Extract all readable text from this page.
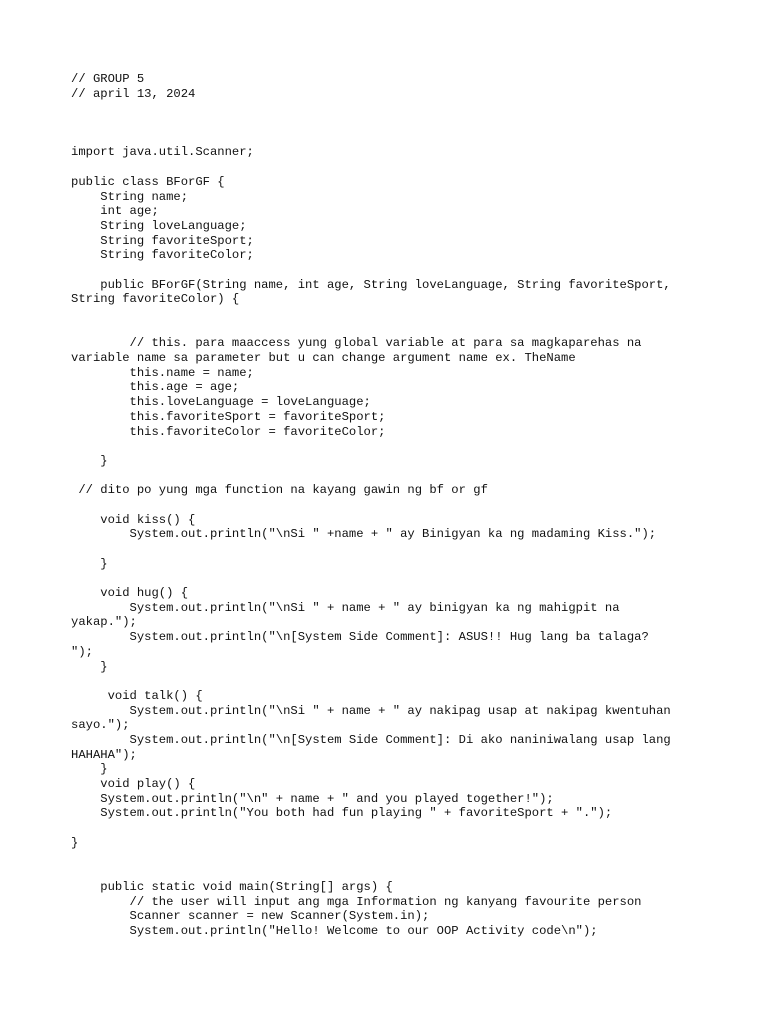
// GROUP 5
// april 13, 2024
import java.util.Scanner;
public class BForGF {
String name;
int age;
String loveLanguage;
String favoriteSport;
String favoriteColor;
public BForGF(String name, int age, String loveLanguage, String favoriteSport,
String favoriteColor) {
// this. para maaccess yung global variable at para sa magkaparehas na
variable name sa parameter but u can change argument name ex. TheName
this.name = name;
this.age = age;
this.loveLanguage = loveLanguage;
this.favoriteSport = favoriteSport;
this.favoriteColor = favoriteColor;
}
// dito po yung mga function na kayang gawin ng bf or gf
void kiss() {
System.out.println("\nSi " +name + " ay Binigyan ka ng madaming Kiss.");
}
void hug() {
System.out.println("\nSi " + name + " ay binigyan ka ng mahigpit na
yakap.");
System.out.println("\n[System Side Comment]: ASUS!! Hug lang ba talaga?
");
}
void talk() {
System.out.println("\nSi " + name + " ay nakipag usap at nakipag kwentuhan
sayo.");
System.out.println("\n[System Side Comment]: Di ako naniniwalang usap lang
HAHAHA");
}
void play() {
System.out.println("\n" + name + " and you played together!");
System.out.println("You both had fun playing " + favoriteSport + ".");
}
public static void main(String[] args) {
// the user will input ang mga Information ng kanyang favourite person
Scanner scanner = new Scanner(System.in);
System.out.println("Hello! Welcome to our OOP Activity code\n");
